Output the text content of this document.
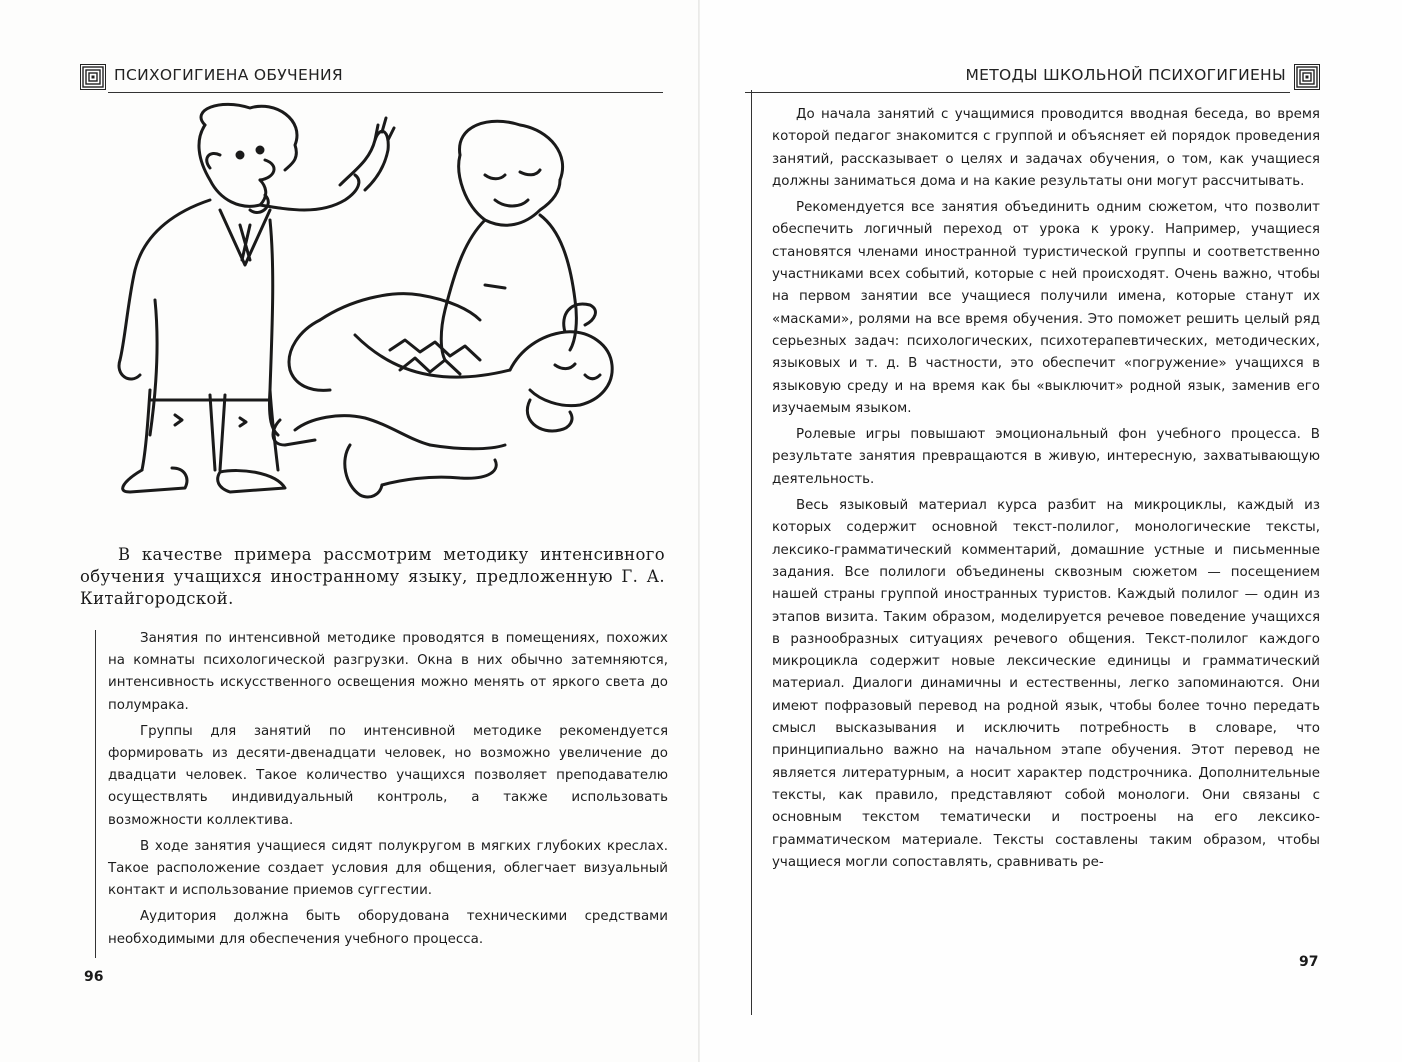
ПСИХОГИГИЕНА ОБУЧЕНИЯ

В качестве примера рассмотрим методику интенсивного обучения учащихся иностранному языку, предложенную Г. А. Китайгородской.

Занятия по интенсивной методике проводятся в помещениях, похожих на комнаты психологической разгрузки. Окна в них обычно затемняются, интенсивность искусственного освещения можно менять от яркого света до полумрака.

Группы для занятий по интенсивной методике рекомендуется формировать из десяти-двенадцати человек, но возможно увеличение до двадцати человек. Такое количество учащихся позволяет преподавателю осуществлять индивидуальный контроль, а также использовать возможности коллектива.

В ходе занятия учащиеся сидят полукругом в мягких глубоких креслах. Такое расположение создает условия для общения, облегчает визуальный контакт и использование приемов суггестии.

Аудитория должна быть оборудована техническими средствами необходимыми для обеспечения учебного процесса.

96
МЕТОДЫ ШКОЛЬНОЙ ПСИХОГИГИЕНЫ

До начала занятий с учащимися проводится вводная беседа, во время которой педагог знакомится с группой и объясняет ей порядок проведения занятий, рассказывает о целях и задачах обучения, о том, как учащиеся должны заниматься дома и на какие результаты они могут рассчитывать.

Рекомендуется все занятия объединить одним сюжетом, что позволит обеспечить логичный переход от урока к уроку. Например, учащиеся становятся членами иностранной туристической группы и соответственно участниками всех событий, которые с ней происходят. Очень важно, чтобы на первом занятии все учащиеся получили имена, которые станут их «масками», ролями на все время обучения. Это поможет решить целый ряд серьезных задач: психологических, психотерапевтических, методических, языковых и т. д. В частности, это обеспечит «погружение» учащихся в языковую среду и на время как бы «выключит» родной язык, заменив его изучаемым языком.

Ролевые игры повышают эмоциональный фон учебного процесса. В результате занятия превращаются в живую, интересную, захватывающую деятельность.

Весь языковый материал курса разбит на микроциклы, каждый из которых содержит основной текст-полилог, монологические тексты, лексико-грамматический комментарий, домашние устные и письменные задания. Все полилоги объединены сквозным сюжетом — посещением нашей страны группой иностранных туристов. Каждый полилог — один из этапов визита. Таким образом, моделируется речевое поведение учащихся в разнообразных ситуациях речевого общения. Текст-полилог каждого микроцикла содержит новые лексические единицы и грамматический материал. Диалоги динамичны и естественны, легко запоминаются. Они имеют пофразовый перевод на родной язык, чтобы более точно передать смысл высказывания и исключить потребность в словаре, что принципиально важно на начальном этапе обучения. Этот перевод не является литературным, а носит характер подстрочника. Дополнительные тексты, как правило, представляют собой монологи. Они связаны с основным текстом тематически и построены на его лексико-грамматическом материале. Тексты составлены таким образом, чтобы учащиеся могли сопоставлять, сравнивать ре-

97
